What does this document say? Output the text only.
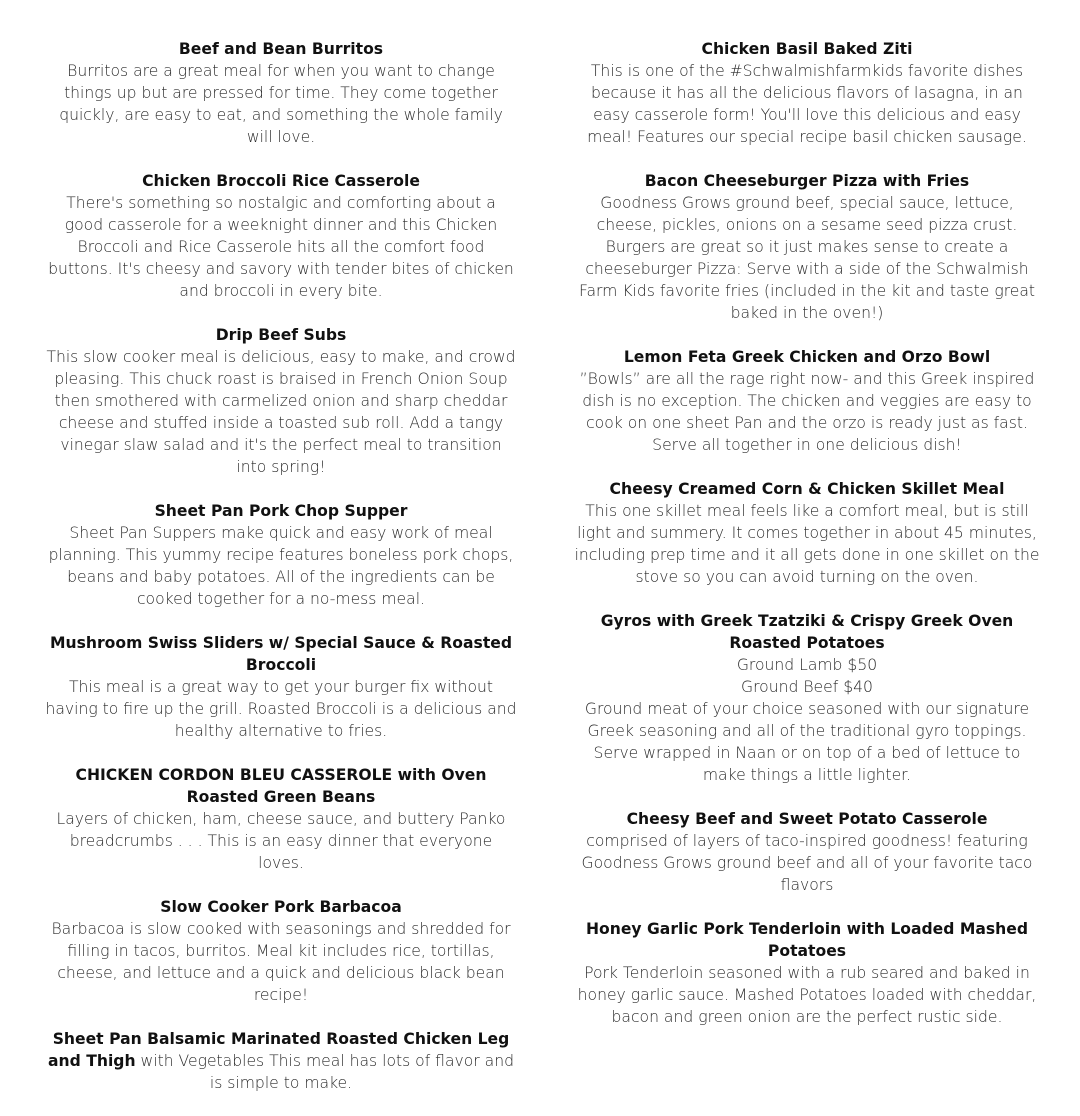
Beef and Bean Burritos
Burritos are a great meal for when you want to change things up but are pressed for time. They come together quickly, are easy to eat, and something the whole family will love.
Chicken Broccoli Rice Casserole
There's something so nostalgic and comforting about a good casserole for a weeknight dinner and this Chicken Broccoli and Rice Casserole hits all the comfort food buttons. It's cheesy and savory with tender bites of chicken and broccoli in every bite.
Drip Beef Subs
This slow cooker meal is delicious, easy to make, and crowd pleasing. This chuck roast is braised in French Onion Soup then smothered with carmelized onion and sharp cheddar cheese and stuffed inside a toasted sub roll. Add a tangy vinegar slaw salad and it's the perfect meal to transition into spring!
Sheet Pan Pork Chop Supper
Sheet Pan Suppers make quick and easy work of meal planning. This yummy recipe features boneless pork chops, beans and baby potatoes. All of the ingredients can be cooked together for a no-mess meal.
Mushroom Swiss Sliders w/ Special Sauce & Roasted Broccoli
This meal is a great way to get your burger fix without having to fire up the grill. Roasted Broccoli is a delicious and healthy alternative to fries.
CHICKEN CORDON BLEU CASSEROLE with Oven Roasted Green Beans
Layers of chicken, ham, cheese sauce, and buttery Panko breadcrumbs . . . This is an easy dinner that everyone loves.
Slow Cooker Pork Barbacoa
Barbacoa is slow cooked with seasonings and shredded for filling in tacos, burritos. Meal kit includes rice, tortillas, cheese, and lettuce and a quick and delicious black bean recipe!
Sheet Pan Balsamic Marinated Roasted Chicken Leg and Thigh with Vegetables This meal has lots of flavor and is simple to make.
Chicken Basil Baked Ziti
This is one of the #Schwalmishfarmkids favorite dishes because it has all the delicious flavors of lasagna, in an easy casserole form! You'll love this delicious and easy meal! Features our special recipe basil chicken sausage.
Bacon Cheeseburger Pizza with Fries
Goodness Grows ground beef, special sauce, lettuce, cheese, pickles, onions on a sesame seed pizza crust. Burgers are great so it just makes sense to create a cheeseburger Pizza: Serve with a side of the Schwalmish Farm Kids favorite fries (included in the kit and taste great baked in the oven!)
Lemon Feta Greek Chicken and Orzo Bowl
”Bowls” are all the rage right now- and this Greek inspired dish is no exception. The chicken and veggies are easy to cook on one sheet Pan and the orzo is ready just as fast. Serve all together in one delicious dish!
Cheesy Creamed Corn & Chicken Skillet Meal
This one skillet meal feels like a comfort meal, but is still light and summery. It comes together in about 45 minutes, including prep time and it all gets done in one skillet on the stove so you can avoid turning on the oven.
Gyros with Greek Tzatziki & Crispy Greek Oven Roasted Potatoes
Ground Lamb $50
Ground Beef $40
Ground meat of your choice seasoned with our signature Greek seasoning and all of the traditional gyro toppings. Serve wrapped in Naan or on top of a bed of lettuce to make things a little lighter.
Cheesy Beef and Sweet Potato Casserole
comprised of layers of taco-inspired goodness! featuring Goodness Grows ground beef and all of your favorite taco flavors
Honey Garlic Pork Tenderloin with Loaded Mashed Potatoes
Pork Tenderloin seasoned with a rub seared and baked in honey garlic sauce. Mashed Potatoes loaded with cheddar, bacon and green onion are the perfect rustic side.
